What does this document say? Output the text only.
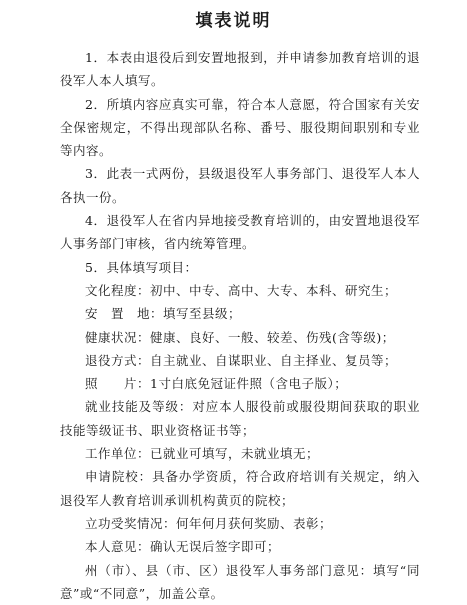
填表说明

1．本表由退役后到安置地报到，并申请参加教育培训的退役军人本人填写。

2．所填内容应真实可靠，符合本人意愿，符合国家有关安全保密规定，不得出现部队名称、番号、服役期间职别和专业等内容。

3．此表一式两份，县级退役军人事务部门、退役军人本人各执一份。

4．退役军人在省内异地接受教育培训的，由安置地退役军人事务部门审核，省内统筹管理。

5．具体填写项目：

文化程度：初中、中专、高中、大专、本科、研究生；

安　置　地：填写至县级；

健康状况：健康、良好、一般、较差、伤残(含等级)；

退役方式：自主就业、自谋职业、自主择业、复员等；

照　　片：1寸白底免冠证件照（含电子版）；

就业技能及等级：对应本人服役前或服役期间获取的职业技能等级证书、职业资格证书等；

工作单位：已就业可填写，未就业填无；

申请院校：具备办学资质，符合政府培训有关规定，纳入退役军人教育培训承训机构黄页的院校；

立功受奖情况：何年何月获何奖励、表彰；

本人意见：确认无误后签字即可；

州（市）、县（市、区）退役军人事务部门意见：填写“同意”或“不同意”，加盖公章。
